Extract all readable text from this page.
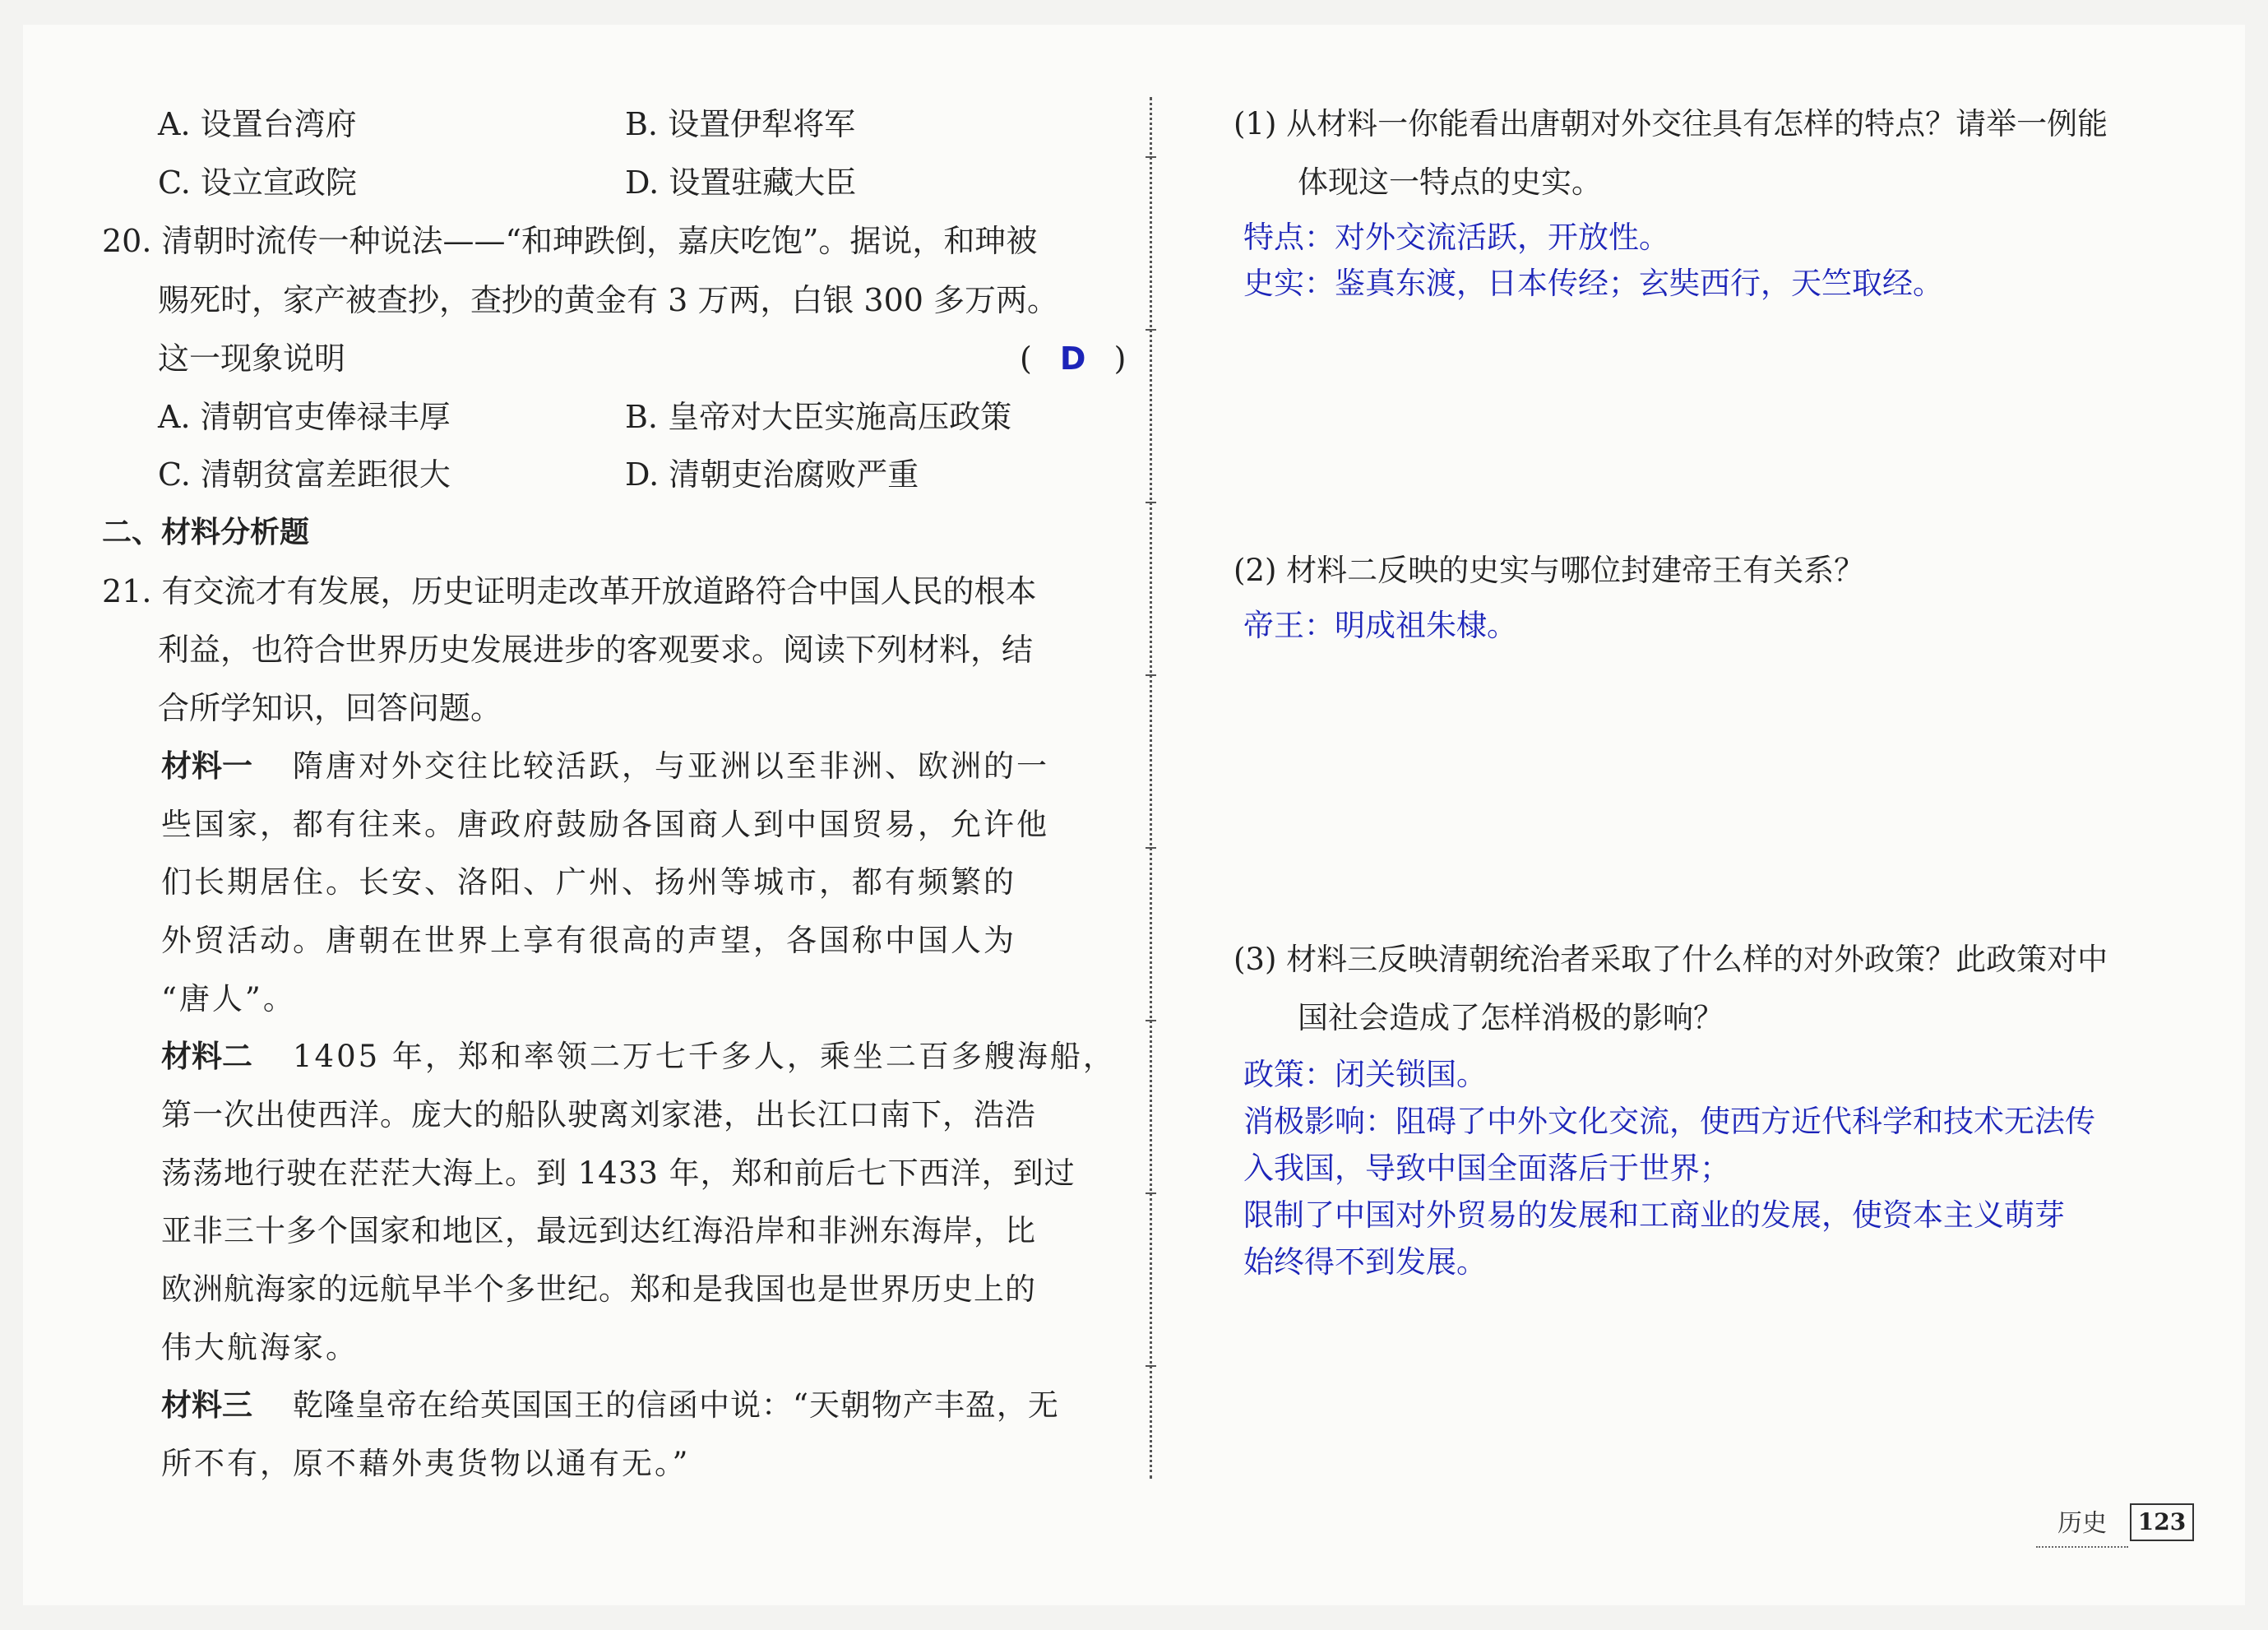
A. 设置台湾府	B. 设置伊犁将军
C. 设立宣政院	D. 设置驻藏大臣
20. 清朝时流传一种说法——“和珅跌倒，嘉庆吃饱”。据说，和珅被
赐死时，家产被查抄，查抄的黄金有 3 万两，白银 300 多万两。
这一现象说明	( D )
A. 清朝官吏俸禄丰厚	B. 皇帝对大臣实施高压政策
C. 清朝贫富差距很大	D. 清朝吏治腐败严重
二、材料分析题
21. 有交流才有发展，历史证明走改革开放道路符合中国人民的根本
利益，也符合世界历史发展进步的客观要求。阅读下列材料，结
合所学知识，回答问题。
材料一 隋唐对外交往比较活跃，与亚洲以至非洲、欧洲的一
些国家，都有往来。唐政府鼓励各国商人到中国贸易，允许他
们长期居住。长安、洛阳、广州、扬州等城市，都有频繁的
外贸活动。唐朝在世界上享有很高的声望，各国称中国人为
“唐人”。
材料二 1405 年，郑和率领二万七千多人，乘坐二百多艘海船，
第一次出使西洋。庞大的船队驶离刘家港，出长江口南下，浩浩
荡荡地行驶在茫茫大海上。到 1433 年，郑和前后七下西洋，到过
亚非三十多个国家和地区，最远到达红海沿岸和非洲东海岸，比
欧洲航海家的远航早半个多世纪。郑和是我国也是世界历史上的
伟大航海家。
材料三 乾隆皇帝在给英国国王的信函中说：“天朝物产丰盈，无
所不有，原不藉外夷货物以通有无。”
(1) 从材料一你能看出唐朝对外交往具有怎样的特点？请举一例能
体现这一特点的史实。
特点：对外交流活跃，开放性。
史实：鉴真东渡，日本传经；玄奘西行，天竺取经。
(2) 材料二反映的史实与哪位封建帝王有关系？
帝王：明成祖朱棣。
(3) 材料三反映清朝统治者采取了什么样的对外政策？此政策对中
国社会造成了怎样消极的影响？
政策：闭关锁国。
消极影响：阻碍了中外文化交流，使西方近代科学和技术无法传
入我国，导致中国全面落后于世界；
限制了中国对外贸易的发展和工商业的发展，使资本主义萌芽
始终得不到发展。
历史	123
